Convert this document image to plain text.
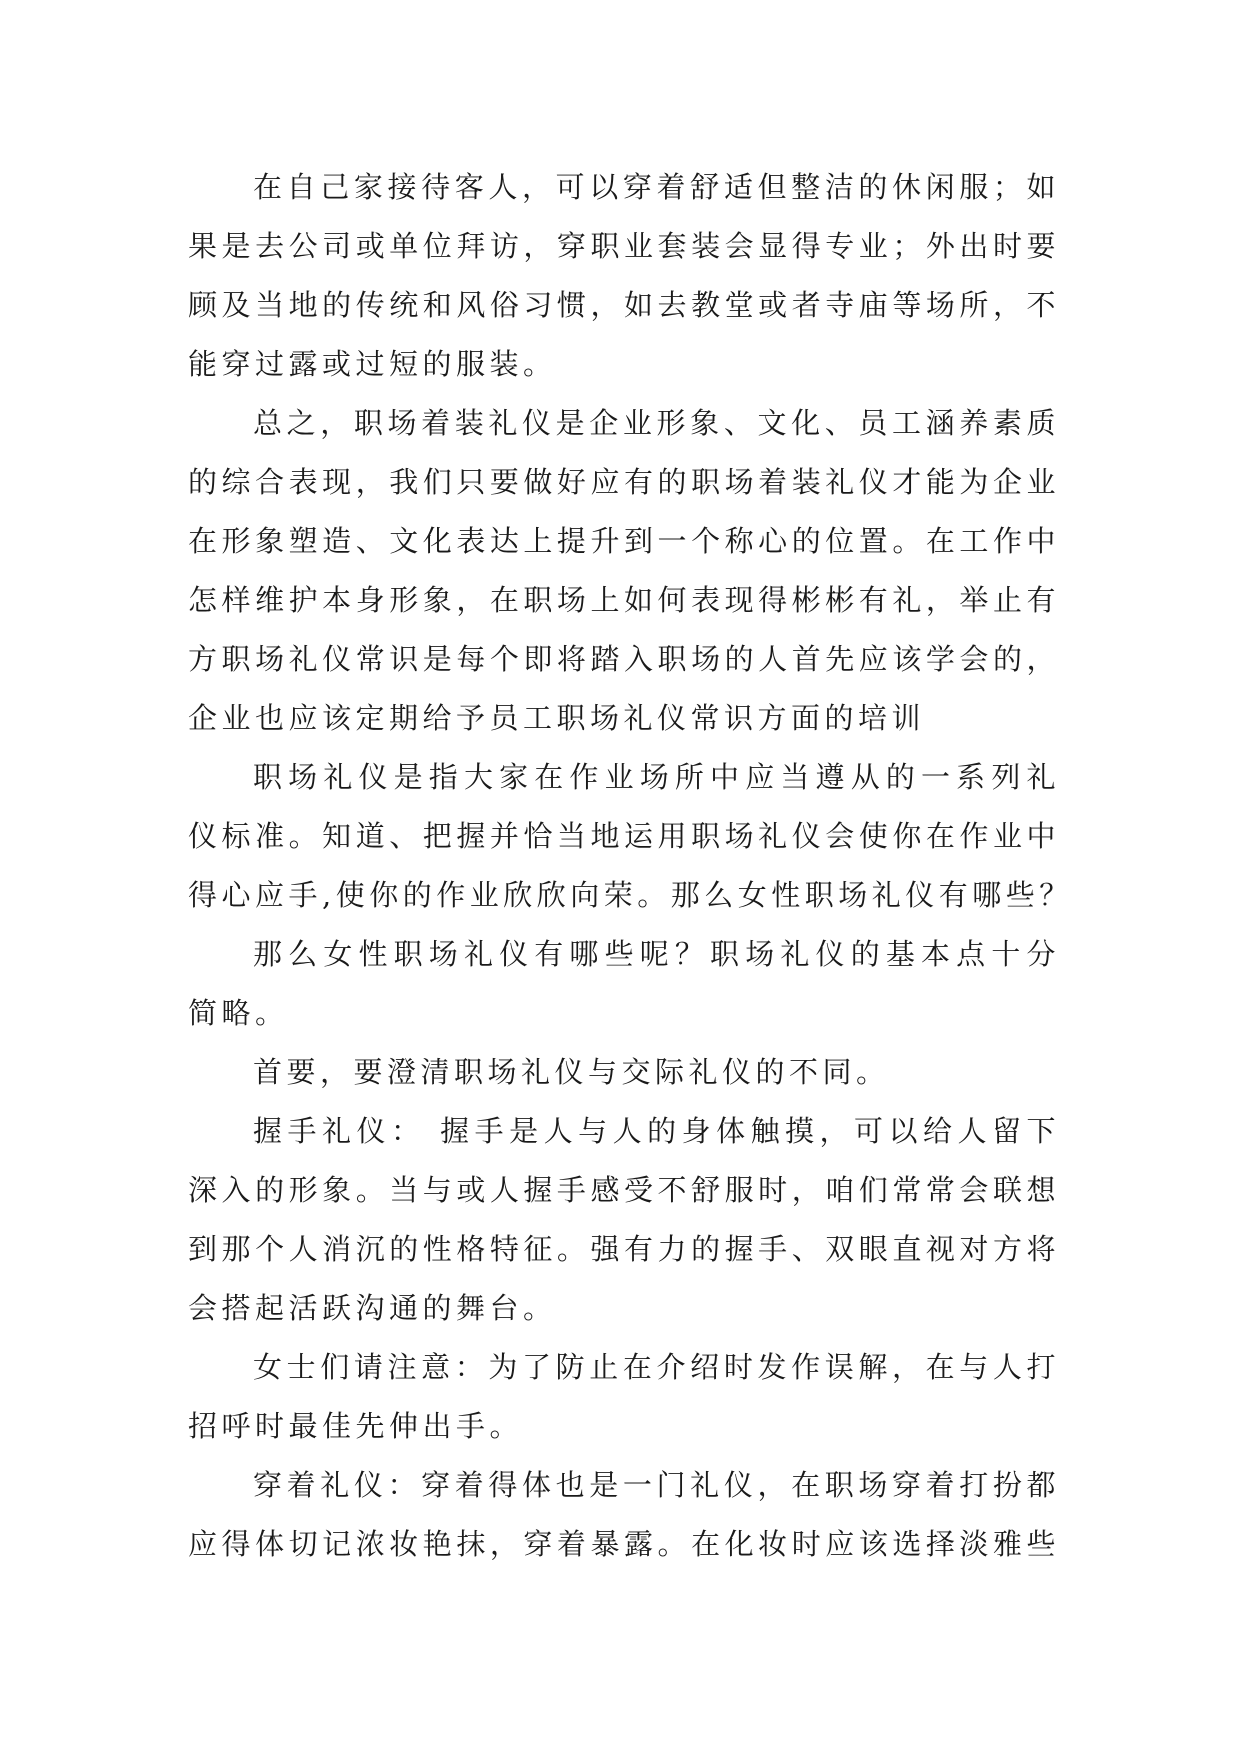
在自己家接待客人，可以穿着舒适但整洁的休闲服；如
果是去公司或单位拜访，穿职业套装会显得专业；外出时要
顾及当地的传统和风俗习惯，如去教堂或者寺庙等场所，不
能穿过露或过短的服装。
总之，职场着装礼仪是企业形象、文化、员工涵养素质
的综合表现，我们只要做好应有的职场着装礼仪才能为企业
在形象塑造、文化表达上提升到一个称心的位置。在工作中
怎样维护本身形象，在职场上如何表现得彬彬有礼，举止有
方职场礼仪常识是每个即将踏入职场的人首先应该学会的，
企业也应该定期给予员工职场礼仪常识方面的培训
职场礼仪是指大家在作业场所中应当遵从的一系列礼
仪标准。知道、把握并恰当地运用职场礼仪会使你在作业中
得心应手,使你的作业欣欣向荣。那么女性职场礼仪有哪些？
那么女性职场礼仪有哪些呢？职场礼仪的基本点十分
简略。
首要，要澄清职场礼仪与交际礼仪的不同。
握手礼仪： 握手是人与人的身体触摸，可以给人留下
深入的形象。当与或人握手感受不舒服时，咱们常常会联想
到那个人消沉的性格特征。强有力的握手、双眼直视对方将
会搭起活跃沟通的舞台。
女士们请注意：为了防止在介绍时发作误解，在与人打
招呼时最佳先伸出手。
穿着礼仪：穿着得体也是一门礼仪，在职场穿着打扮都
应得体切记浓妆艳抹，穿着暴露。在化妆时应该选择淡雅些
